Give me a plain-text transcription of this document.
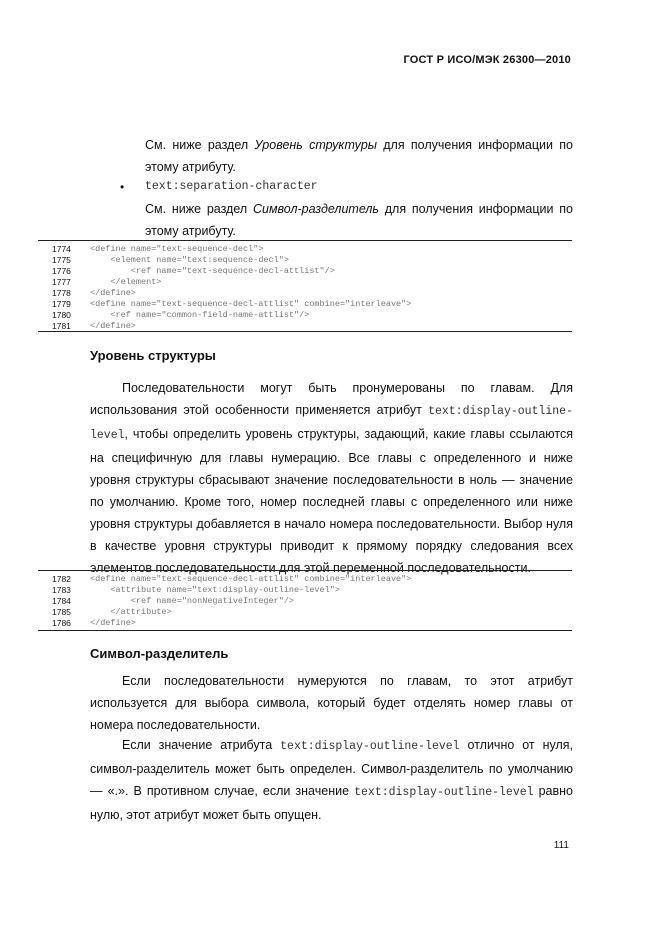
ГОСТ Р ИСО/МЭК 26300—2010
См. ниже раздел Уровень структуры для получения информации по этому атрибуту.
• text:separation-character
См. ниже раздел Символ-разделитель для получения информации по этому атрибуту.
1774	<define name="text-sequence-decl">
1775	<element name="text:sequence-decl">
1776	<ref name="text-sequence-decl-attlist"/>
1777	</element>
1778	</define>
1779	<define name="text-sequence-decl-attlist" combine="interleave">
1780	<ref name="common-field-name-attlist"/>
1781	</define>
Уровень структуры
Последовательности могут быть пронумерованы по главам. Для использования этой особенности применяется атрибут text:display-outline-level, чтобы определить уровень структуры, задающий, какие главы ссылаются на специфичную для главы нумерацию. Все главы с определенного и ниже уровня структуры сбрасывают значение последовательности в ноль — значение по умолчанию. Кроме того, номер последней главы с определенного или ниже уровня структуры добавляется в начало номера последовательности. Выбор нуля в качестве уровня структуры приводит к прямому порядку следования всех элементов последовательности для этой переменной последовательности.
1782	<define name="text-sequence-decl-attlist" combine="interleave">
1783	<attribute name="text:display-outline-level">
1784	<ref name="nonNegativeInteger"/>
1785	</attribute>
1786	</define>
Символ-разделитель
Если последовательности нумеруются по главам, то этот атрибут используется для выбора символа, который будет отделять номер главы от номера последовательности.
Если значение атрибута text:display-outline-level отлично от нуля, символ-разделитель может быть определен. Символ-разделитель по умолчанию — «.». В противном случае, если значение text:display-outline-level равно нулю, этот атрибут может быть опущен.
111
